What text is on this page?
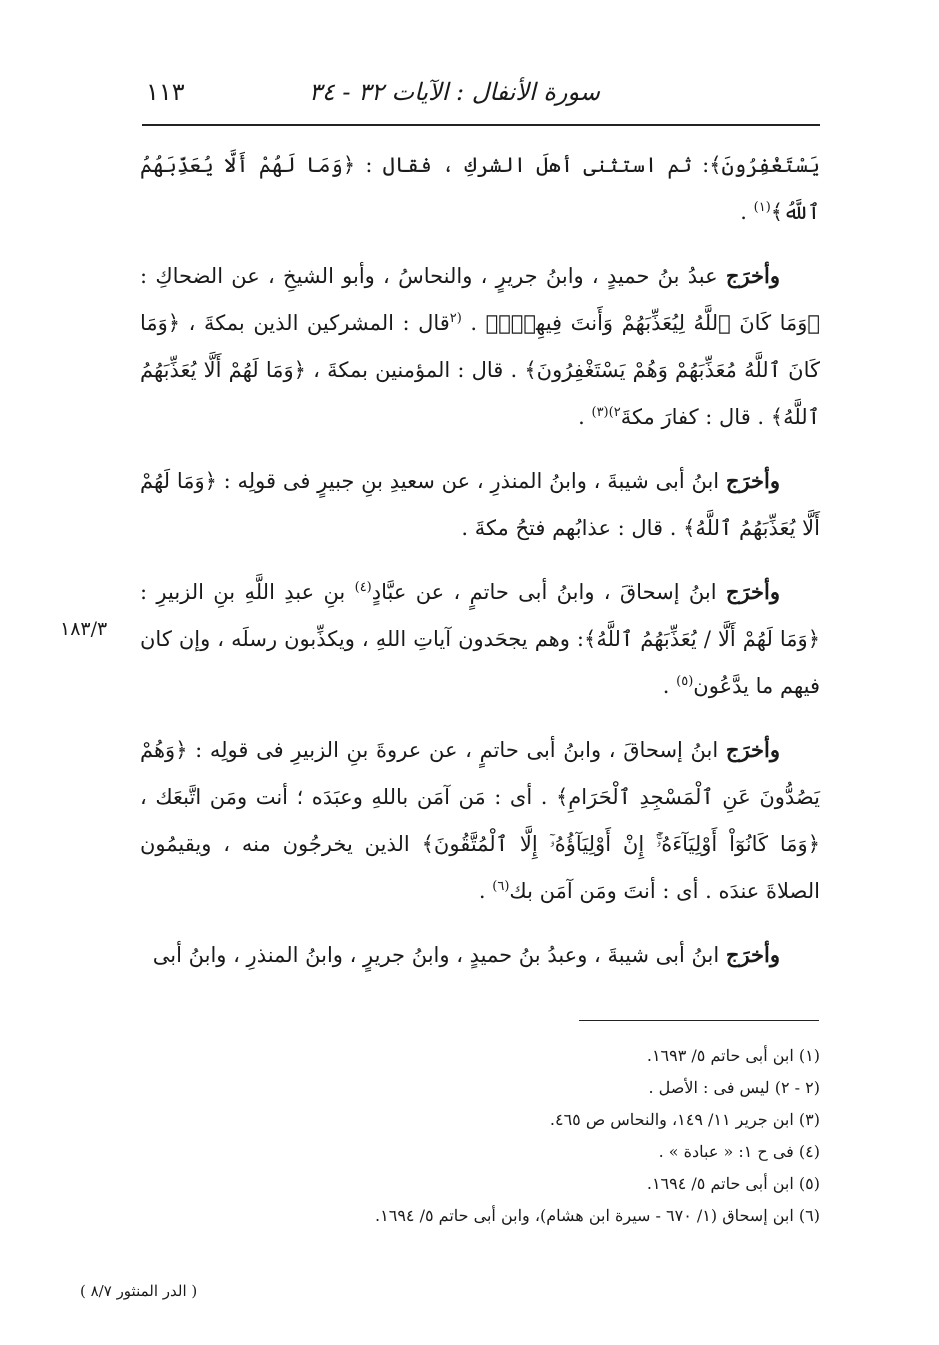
سورة الأنفال : الآيات ٣٢ - ٣٤
١١٣
١٨٣/٣

يَسْتَغْفِرُونَ﴾: ثم استثنى أهلَ الشركِ ، فقال : ﴿وَمَا لَهُمْ أَلَّا يُعَذِّبَهُمُ ٱللَّهُ﴾$^{(١)}$ .

وأخرَج عبدُ بنُ حميدٍ ، وابنُ جريرٍ ، والنحاسُ ، وأبو الشيخِ ، عن الضحاكِ : ﴿وَمَا كَانَ ٱللَّهُ لِيُعَذِّبَهُمْ وَأَنتَ فِيهِمْۚ﴾ . $^{(٢}$قال : المشركين الذين بمكةَ ، ﴿وَمَا كَانَ ٱللَّهُ مُعَذِّبَهُمْ وَهُمْ يَسْتَغْفِرُونَ﴾ . قال : المؤمنين بمكةَ ، ﴿وَمَا لَهُمْ أَلَّا يُعَذِّبَهُمُ ٱللَّهُ﴾ . قال : كفارَ مكةَ$^{٢)(٣)}$ .

وأخرَج ابنُ أبى شيبةَ ، وابنُ المنذرِ ، عن سعيدِ بنِ جبيرٍ فى قولِه : ﴿وَمَا لَهُمْ أَلَّا يُعَذِّبَهُمُ ٱللَّهُ﴾ . قال : عذابُهم فتحُ مكةَ .

وأخرَج ابنُ إسحاقَ ، وابنُ أبى حاتمٍ ، عن عبَّادٍ$^{(٤)}$ بنِ عبدِ اللَّهِ بنِ الزبيرِ : ﴿وَمَا لَهُمْ أَلَّا / يُعَذِّبَهُمُ ٱللَّهُ﴾: وهم يجحَدون آياتِ اللهِ ، ويكذِّبون رسلَه ، وإن كان فيهم ما يدَّعُون$^{(٥)}$ .

وأخرَج ابنُ إسحاقَ ، وابنُ أبى حاتمٍ ، عن عروةَ بنِ الزبيرِ فى قولِه : ﴿وَهُمْ يَصُدُّونَ عَنِ ٱلْمَسْجِدِ ٱلْحَرَامِ﴾ . أى : مَن آمَن باللهِ وعبَدَه ؛ أنت ومَن اتَّبعَك ، ﴿وَمَا كَانُوٓاْ أَوْلِيَآءَهُۥٓۚ إِنْ أَوْلِيَآؤُهُۥٓ إِلَّا ٱلْمُتَّقُونَ﴾ الذين يخرجُون منه ، ويقيمُون الصلاةَ عندَه . أى : أنتَ ومَن آمَن بك$^{(٦)}$ .

وأخرَج ابنُ أبى شيبةَ ، وعبدُ بنُ حميدٍ ، وابنُ جريرٍ ، وابنُ المنذرِ ، وابنُ أبى

(١) ابن أبى حاتم ٥/ ١٦٩٣.

(٢ - ٢) ليس فى : الأصل .

(٣) ابن جرير ١١/ ١٤٩، والنحاس ص ٤٦٥.

(٤) فى ح ١: « عبادة » .

(٥) ابن أبى حاتم ٥/ ١٦٩٤.

(٦) ابن إسحاق (١/ ٦٧٠ - سيرة ابن هشام)، وابن أبى حاتم ٥/ ١٦٩٤.

( الدر المنثور ٨/٧ )
